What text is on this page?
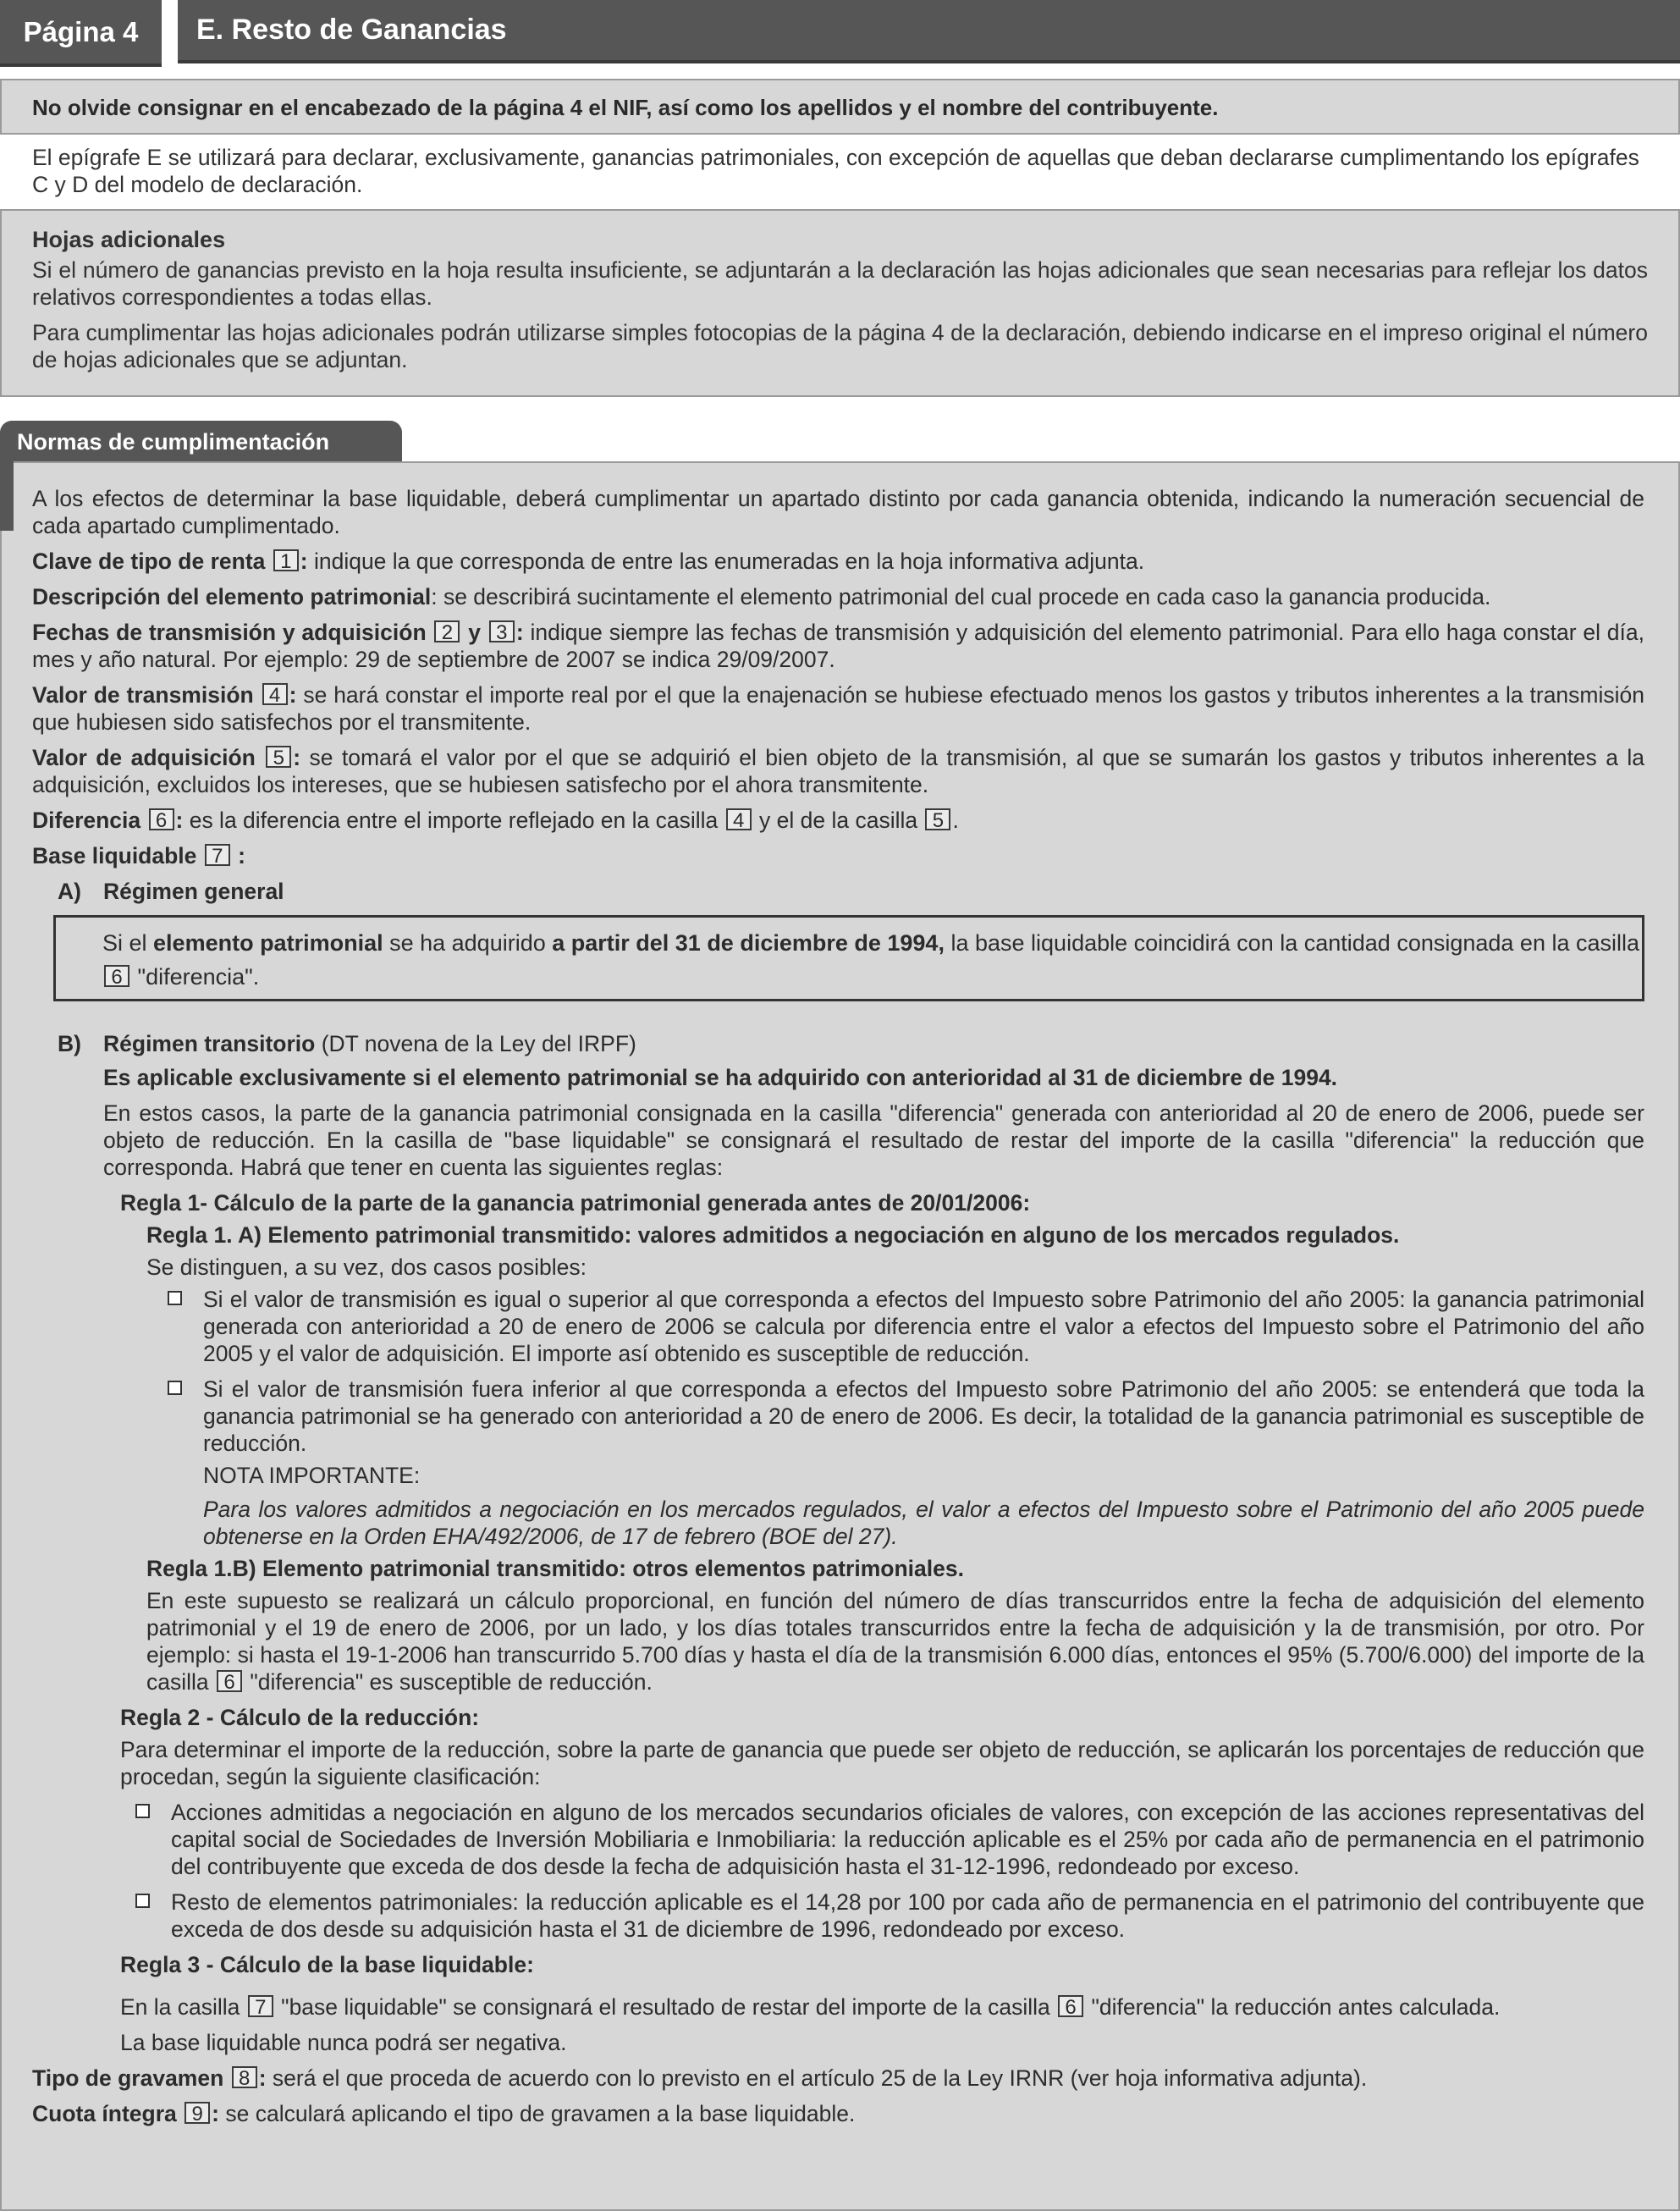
Página 4	E. Resto de Ganancias
No olvide consignar en el encabezado de la página 4 el NIF, así como los apellidos y el nombre del contribuyente.
El epígrafe E se utilizará para declarar, exclusivamente, ganancias patrimoniales, con excepción de aquellas que deban declararse cumplimentando los epígrafes C y D del modelo de declaración.
Hojas adicionales

Si el número de ganancias previsto en la hoja resulta insuficiente, se adjuntarán a la declaración las hojas adicionales que sean necesarias para reflejar los datos relativos correspondientes a todas ellas.

Para cumplimentar las hojas adicionales podrán utilizarse simples fotocopias de la página 4 de la declaración, debiendo indicarse en el impreso original el número de hojas adicionales que se adjuntan.

Normas de cumplimentación

A los efectos de determinar la base liquidable, deberá cumplimentar un apartado distinto por cada ganancia obtenida, indicando la numeración secuencial de cada apartado cumplimentado.

Clave de tipo de renta 1 : indique la que corresponda de entre las enumeradas en la hoja informativa adjunta.

Descripción del elemento patrimonial: se describirá sucintamente el elemento patrimonial del cual procede en cada caso la ganancia producida.

Fechas de transmisión y adquisición 2 y 3 : indique siempre las fechas de transmisión y adquisición del elemento patrimonial. Para ello haga constar el día, mes y año natural. Por ejemplo: 29 de septiembre de 2007 se indica 29/09/2007.

Valor de transmisión 4 : se hará constar el importe real por el que la enajenación se hubiese efectuado menos los gastos y tributos inherentes a la transmisión que hubiesen sido satisfechos por el transmitente.

Valor de adquisición 5 : se tomará el valor por el que se adquirió el bien objeto de la transmisión, al que se sumarán los gastos y tributos inherentes a la adquisición, excluidos los intereses, que se hubiesen satisfecho por el ahora transmitente.

Diferencia 6 : es la diferencia entre el importe reflejado en la casilla 4 y el de la casilla 5 .

Base liquidable 7 :

A) Régimen general
Si el elemento patrimonial se ha adquirido a partir del 31 de diciembre de 1994, la base liquidable coincidirá con la cantidad consignada en la casilla 6 "diferencia".
B) Régimen transitorio (DT novena de la Ley del IRPF)

Es aplicable exclusivamente si el elemento patrimonial se ha adquirido con anterioridad al 31 de diciembre de 1994.

En estos casos, la parte de la ganancia patrimonial consignada en la casilla "diferencia" generada con anterioridad al 20 de enero de 2006, puede ser objeto de reducción. En la casilla de "base liquidable" se consignará el resultado de restar del importe de la casilla "diferencia" la reducción que corresponda. Habrá que tener en cuenta las siguientes reglas:

Regla 1- Cálculo de la parte de la ganancia patrimonial generada antes de 20/01/2006:

Regla 1. A) Elemento patrimonial transmitido: valores admitidos a negociación en alguno de los mercados regulados.

Se distinguen, a su vez, dos casos posibles:

Si el valor de transmisión es igual o superior al que corresponda a efectos del Impuesto sobre Patrimonio del año 2005: la ganancia patrimonial generada con anterioridad a 20 de enero de 2006 se calcula por diferencia entre el valor a efectos del Impuesto sobre el Patrimonio del año 2005 y el valor de adquisición. El importe así obtenido es susceptible de reducción.

Si el valor de transmisión fuera inferior al que corresponda a efectos del Impuesto sobre Patrimonio del año 2005: se entenderá que toda la ganancia patrimonial se ha generado con anterioridad a 20 de enero de 2006. Es decir, la totalidad de la ganancia patrimonial es susceptible de reducción.

NOTA IMPORTANTE:

Para los valores admitidos a negociación en los mercados regulados, el valor a efectos del Impuesto sobre el Patrimonio del año 2005 puede obtenerse en la Orden EHA/492/2006, de 17 de febrero (BOE del 27).

Regla 1.B) Elemento patrimonial transmitido: otros elementos patrimoniales.

En este supuesto se realizará un cálculo proporcional, en función del número de días transcurridos entre la fecha de adquisición del elemento patrimonial y el 19 de enero de 2006, por un lado, y los días totales transcurridos entre la fecha de adquisición y la de transmisión, por otro. Por ejemplo: si hasta el 19-1-2006 han transcurrido 5.700 días y hasta el día de la transmisión 6.000 días, entonces el 95% (5.700/6.000) del importe de la casilla 6 "diferencia" es susceptible de reducción.

Regla 2 - Cálculo de la reducción:

Para determinar el importe de la reducción, sobre la parte de ganancia que puede ser objeto de reducción, se aplicarán los porcentajes de reducción que procedan, según la siguiente clasificación:

Acciones admitidas a negociación en alguno de los mercados secundarios oficiales de valores, con excepción de las acciones representativas del capital social de Sociedades de Inversión Mobiliaria e Inmobiliaria: la reducción aplicable es el 25% por cada año de permanencia en el patrimonio del contribuyente que exceda de dos desde la fecha de adquisición hasta el 31-12-1996, redondeado por exceso.

Resto de elementos patrimoniales: la reducción aplicable es el 14,28 por 100 por cada año de permanencia en el patrimonio del contribuyente que exceda de dos desde su adquisición hasta el 31 de diciembre de 1996, redondeado por exceso.

Regla 3 - Cálculo de la base liquidable:

En la casilla 7 "base liquidable" se consignará el resultado de restar del importe de la casilla 6 "diferencia" la reducción antes calculada.

La base liquidable nunca podrá ser negativa.

Tipo de gravamen 8 : será el que proceda de acuerdo con lo previsto en el artículo 25 de la Ley IRNR (ver hoja informativa adjunta).

Cuota íntegra 9 : se calculará aplicando el tipo de gravamen a la base liquidable.
